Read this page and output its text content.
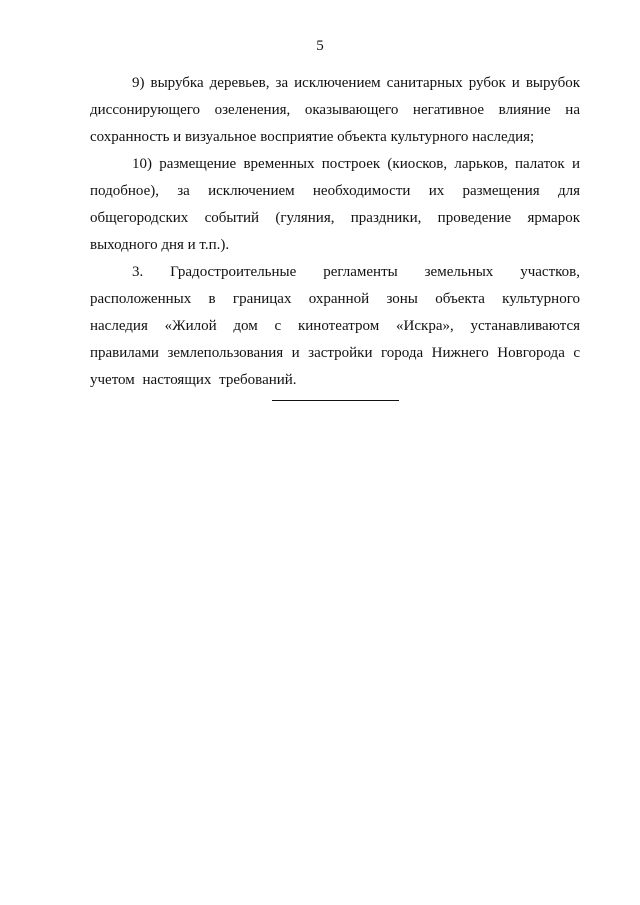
5

9) вырубка деревьев, за исключением санитарных рубок и вырубок диссонирующего озеленения, оказывающего негативное влияние на сохранность и визуальное восприятие объекта культурного наследия;

10) размещение временных построек (киосков, ларьков, палаток и подобное), за исключением необходимости их размещения для общегородских событий (гуляния, праздники, проведение ярмарок выходного дня и т.п.).

3. Градостроительные регламенты земельных участков, расположенных в границах охранной зоны объекта культурного наследия «Жилой дом с кинотеатром «Искра», устанавливаются правилами землепользования и застройки города Нижнего Новгорода с учетом настоящих требований.
